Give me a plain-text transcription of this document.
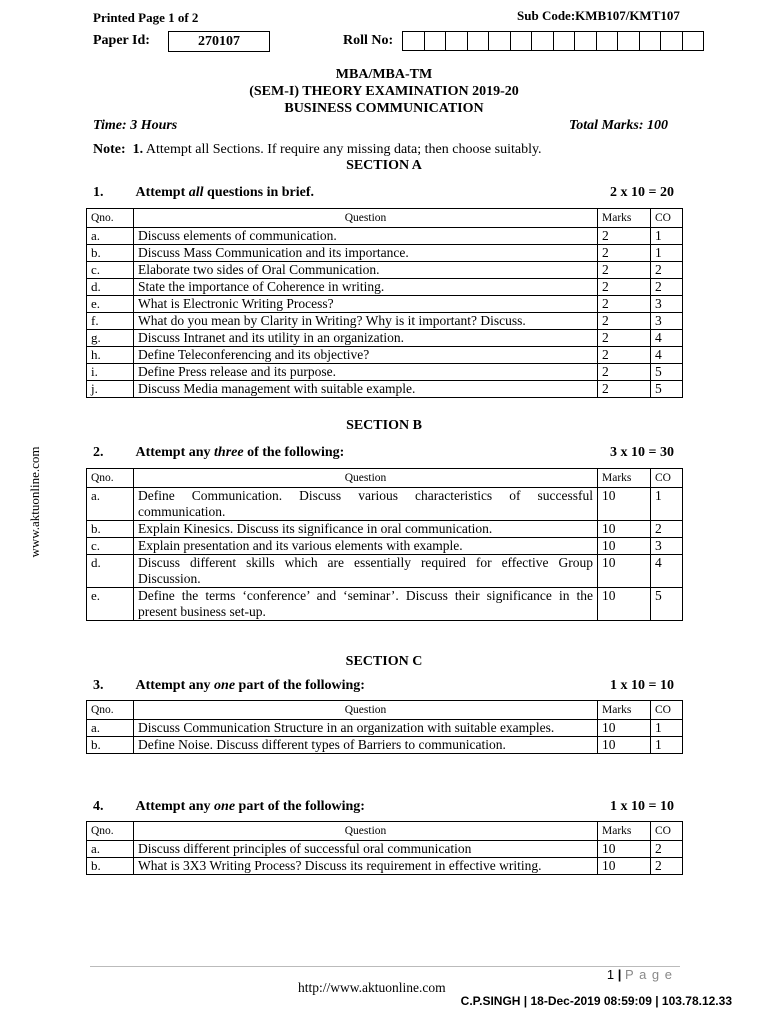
Printed Page 1 of 2	Sub Code:KMB107/KMT107
Paper Id:	270107	Roll No:
MBA/MBA-TM
(SEM-I) THEORY EXAMINATION 2019-20
BUSINESS COMMUNICATION
Time: 3 Hours	Total Marks: 100
Note: 1. Attempt all Sections. If require any missing data; then choose suitably.
SECTION A
1. Attempt all questions in brief.	2 x 10 = 20
Qno.	Question	Marks	CO
a.	Discuss elements of communication.	2	1
b.	Discuss Mass Communication and its importance.	2	1
c.	Elaborate two sides of Oral Communication.	2	2
d.	State the importance of Coherence in writing.	2	2
e.	What is Electronic Writing Process?	2	3
f.	What do you mean by Clarity in Writing? Why is it important? Discuss.	2	3
g.	Discuss Intranet and its utility in an organization.	2	4
h.	Define Teleconferencing and its objective?	2	4
i.	Define Press release and its purpose.	2	5
j.	Discuss Media management with suitable example.	2	5
SECTION B
2. Attempt any three of the following:	3 x 10 = 30
Qno.	Question	Marks	CO
a.	Define Communication. Discuss various characteristics of successful communication.	10	1
b.	Explain Kinesics. Discuss its significance in oral communication.	10	2
c.	Explain presentation and its various elements with example.	10	3
d.	Discuss different skills which are essentially required for effective Group Discussion.	10	4
e.	Define the terms ‘conference’ and ‘seminar’. Discuss their significance in the present business set-up.	10	5
SECTION C
3. Attempt any one part of the following:	1 x 10 = 10
Qno.	Question	Marks	CO
a.	Discuss Communication Structure in an organization with suitable examples.	10	1
b.	Define Noise. Discuss different types of Barriers to communication.	10	1
4. Attempt any one part of the following:	1 x 10 = 10
Qno.	Question	Marks	CO
a.	Discuss different principles of successful oral communication	10	2
b.	What is 3X3 Writing Process? Discuss its requirement in effective writing.	10	2
www.aktuonline.com
1 | P a g e
http://www.aktuonline.com
C.P.SINGH | 18-Dec-2019 08:59:09 | 103.78.12.33
